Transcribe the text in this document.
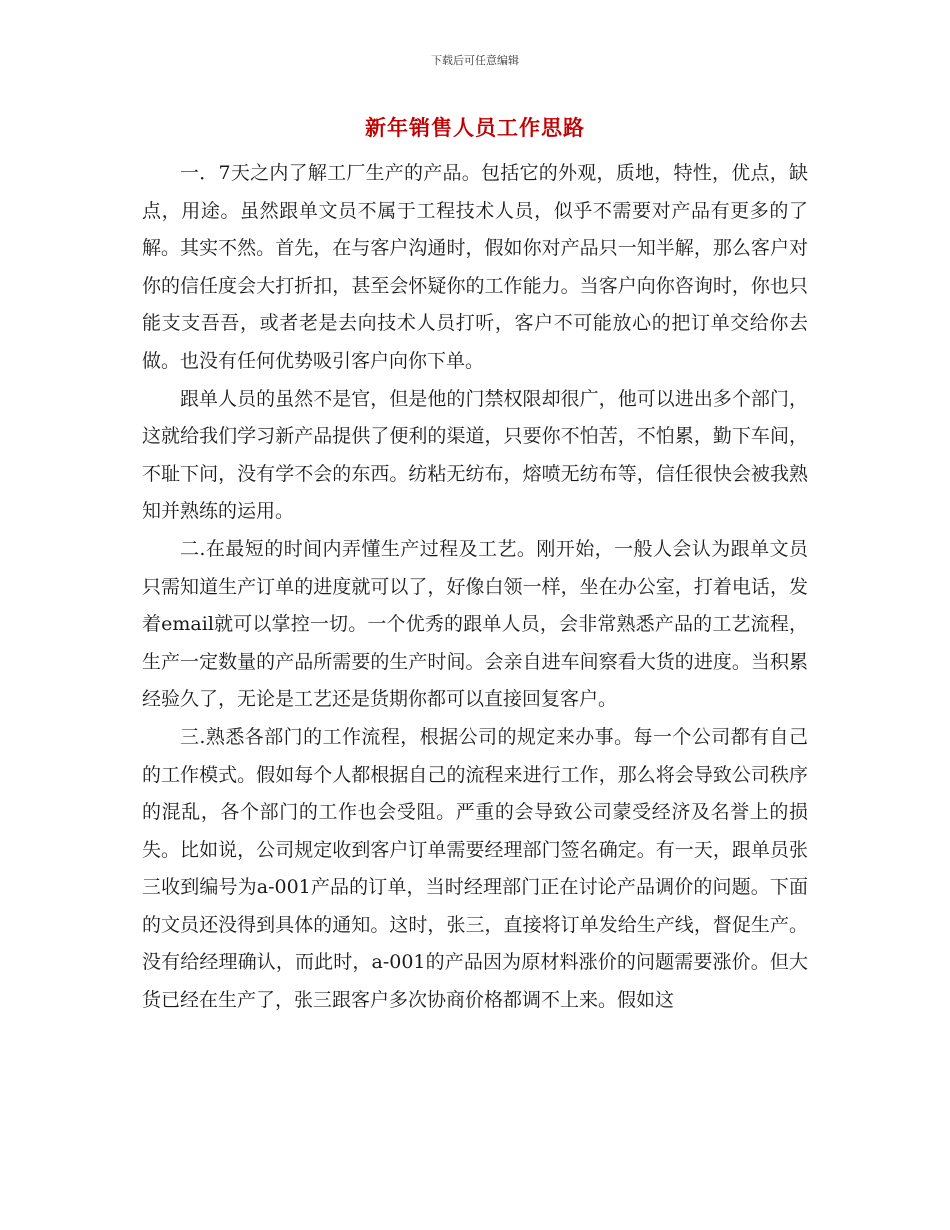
下载后可任意编辑
新年销售人员工作思路

一．7天之内了解工厂生产的产品。包括它的外观，质地，特性，优点，缺点，用途。虽然跟单文员不属于工程技术人员，似乎不需要对产品有更多的了解。其实不然。首先，在与客户沟通时，假如你对产品只一知半解，那么客户对你的信任度会大打折扣，甚至会怀疑你的工作能力。当客户向你咨询时，你也只能支支吾吾，或者老是去向技术人员打听，客户不可能放心的把订单交给你去做。也没有任何优势吸引客户向你下单。

跟单人员的虽然不是官，但是他的门禁权限却很广，他可以进出多个部门，这就给我们学习新产品提供了便利的渠道，只要你不怕苦，不怕累，勤下车间，不耻下问，没有学不会的东西。纺粘无纺布，熔喷无纺布等，信任很快会被我熟知并熟练的运用。

二.在最短的时间内弄懂生产过程及工艺。刚开始，一般人会认为跟单文员只需知道生产订单的进度就可以了，好像白领一样，坐在办公室，打着电话，发着email就可以掌控一切。一个优秀的跟单人员，会非常熟悉产品的工艺流程，生产一定数量的产品所需要的生产时间。会亲自进车间察看大货的进度。当积累经验久了，无论是工艺还是货期你都可以直接回复客户。

三.熟悉各部门的工作流程，根据公司的规定来办事。每一个公司都有自己的工作模式。假如每个人都根据自己的流程来进行工作，那么将会导致公司秩序的混乱，各个部门的工作也会受阻。严重的会导致公司蒙受经济及名誉上的损失。比如说，公司规定收到客户订单需要经理部门签名确定。有一天，跟单员张三收到编号为a-001产品的订单，当时经理部门正在讨论产品调价的问题。下面的文员还没得到具体的通知。这时，张三，直接将订单发给生产线，督促生产。没有给经理确认，而此时，a-001的产品因为原材料涨价的问题需要涨价。但大货已经在生产了，张三跟客户多次协商价格都调不上来。假如这
